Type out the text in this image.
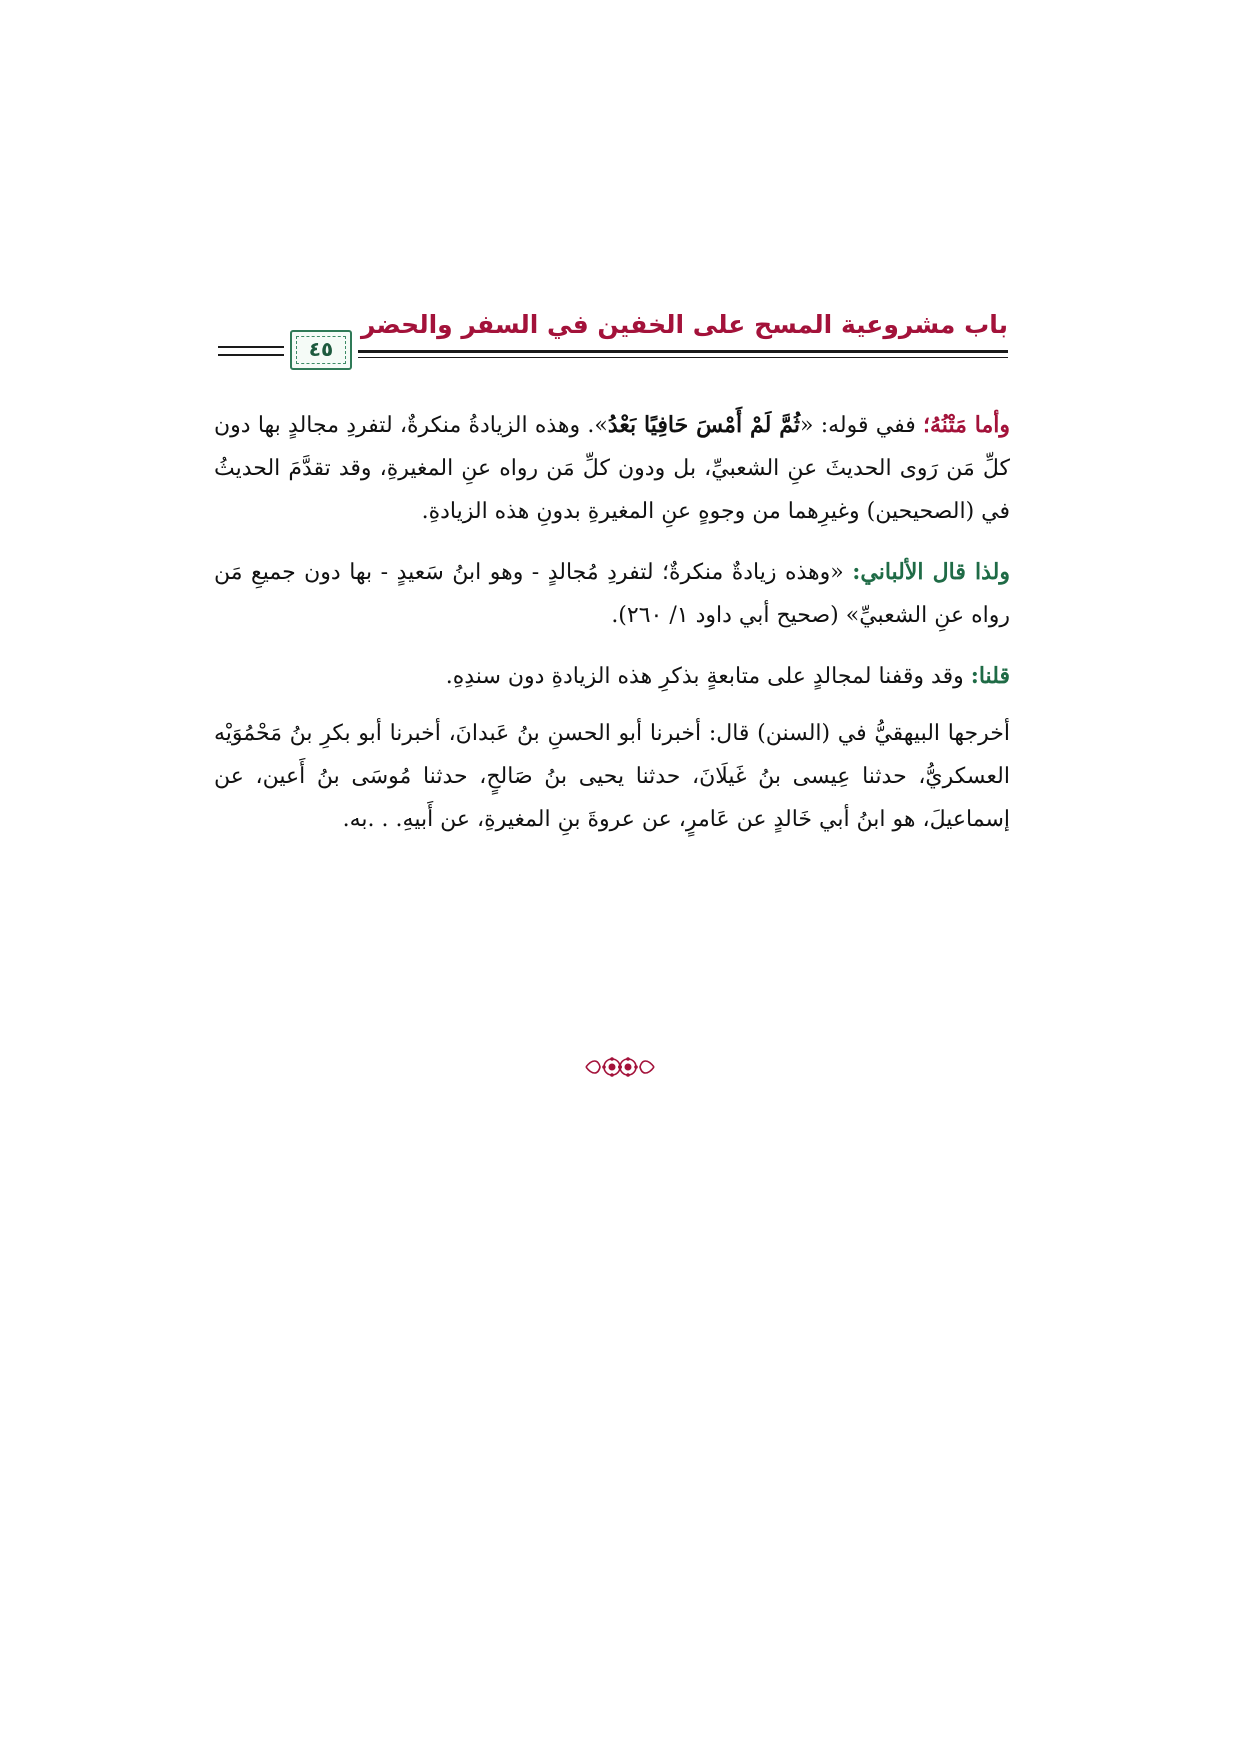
باب مشروعية المسح على الخفين في السفر والحضر
٤٥

وأما مَتْنُهُ؛ ففي قوله: «ثُمَّ لَمْ أَمْسَ حَافِيًا بَعْدُ». وهذه الزيادةُ منكرةٌ، لتفردِ مجالدٍ بها دون كلِّ مَن رَوى الحديثَ عنِ الشعبيِّ، بل ودون كلِّ مَن رواه عنِ المغيرةِ، وقد تقدَّمَ الحديثُ في (الصحيحين) وغيرِهما من وجوهٍ عنِ المغيرةِ بدونِ هذه الزيادةِ.

ولذا قال الألباني: «وهذه زيادةٌ منكرةٌ؛ لتفردِ مُجالدٍ - وهو ابنُ سَعيدٍ - بها دون جميعِ مَن رواه عنِ الشعبيِّ» (صحيح أبي داود ١/ ٢٦٠).

قلنا: وقد وقفنا لمجالدٍ على متابعةٍ بذكرِ هذه الزيادةِ دون سندِهِ.

أخرجها البيهقيُّ في (السنن) قال: أخبرنا أبو الحسنِ بنُ عَبدانَ، أخبرنا أبو بكرِ بنُ مَحْمُوَيْه العسكريُّ، حدثنا عِيسى بنُ غَيلَانَ، حدثنا يحيى بنُ صَالحٍ، حدثنا مُوسَى بنُ أَعين، عن إسماعيلَ، هو ابنُ أبي خَالدٍ عن عَامرٍ، عن عروةَ بنِ المغيرةِ، عن أَبيهِ. . .به.
